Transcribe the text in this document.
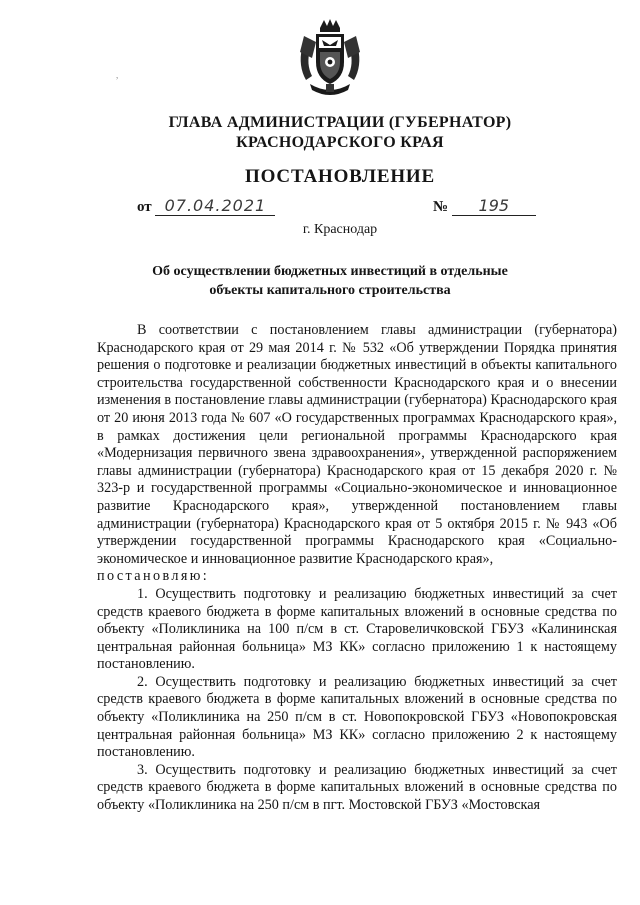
,
ГЛАВА АДМИНИСТРАЦИИ (ГУБЕРНАТОР)
КРАСНОДАРСКОГО КРАЯ
ПОСТАНОВЛЕНИЕ
от 07.04.2021	№ 195
г. Краснодар
Об осуществлении бюджетных инвестиций в отдельные
объекты капитального строительства

В соответствии с постановлением главы администрации (губернатора) Краснодарского края от 29 мая 2014 г. № 532 «Об утверждении Порядка принятия решения о подготовке и реализации бюджетных инвестиций в объекты капитального строительства государственной собственности Краснодарского края и о внесении изменения в постановление главы администрации (губернатора) Краснодарского края от 20 июня 2013 года № 607 «О государственных программах Краснодарского края», в рамках достижения цели региональной программы Краснодарского края «Модернизация первичного звена здравоохранения», утвержденной распоряжением главы администрации (губернатора) Краснодарского края от 15 декабря 2020 г. № 323-р и государственной программы «Социально-экономическое и инновационное развитие Краснодарского края», утвержденной постановлением главы администрации (губернатора) Краснодарского края от 5 октября 2015 г. № 943 «Об утверждении государственной программы Краснодарского края «Социально-экономическое и инновационное развитие Краснодарского края»,

постановляю:

1. Осуществить подготовку и реализацию бюджетных инвестиций за счет средств краевого бюджета в форме капитальных вложений в основные средства по объекту «Поликлиника на 100 п/см в ст. Старовеличковской ГБУЗ «Калининская центральная районная больница» МЗ КК» согласно приложению 1 к настоящему постановлению.

2. Осуществить подготовку и реализацию бюджетных инвестиций за счет средств краевого бюджета в форме капитальных вложений в основные средства по объекту «Поликлиника на 250 п/см в ст. Новопокровской ГБУЗ «Новопокровская центральная районная больница» МЗ КК» согласно приложению 2 к настоящему постановлению.

3. Осуществить подготовку и реализацию бюджетных инвестиций за счет средств краевого бюджета в форме капитальных вложений в основные средства по объекту «Поликлиника на 250 п/см в пгт. Мостовской ГБУЗ «Мостовская
